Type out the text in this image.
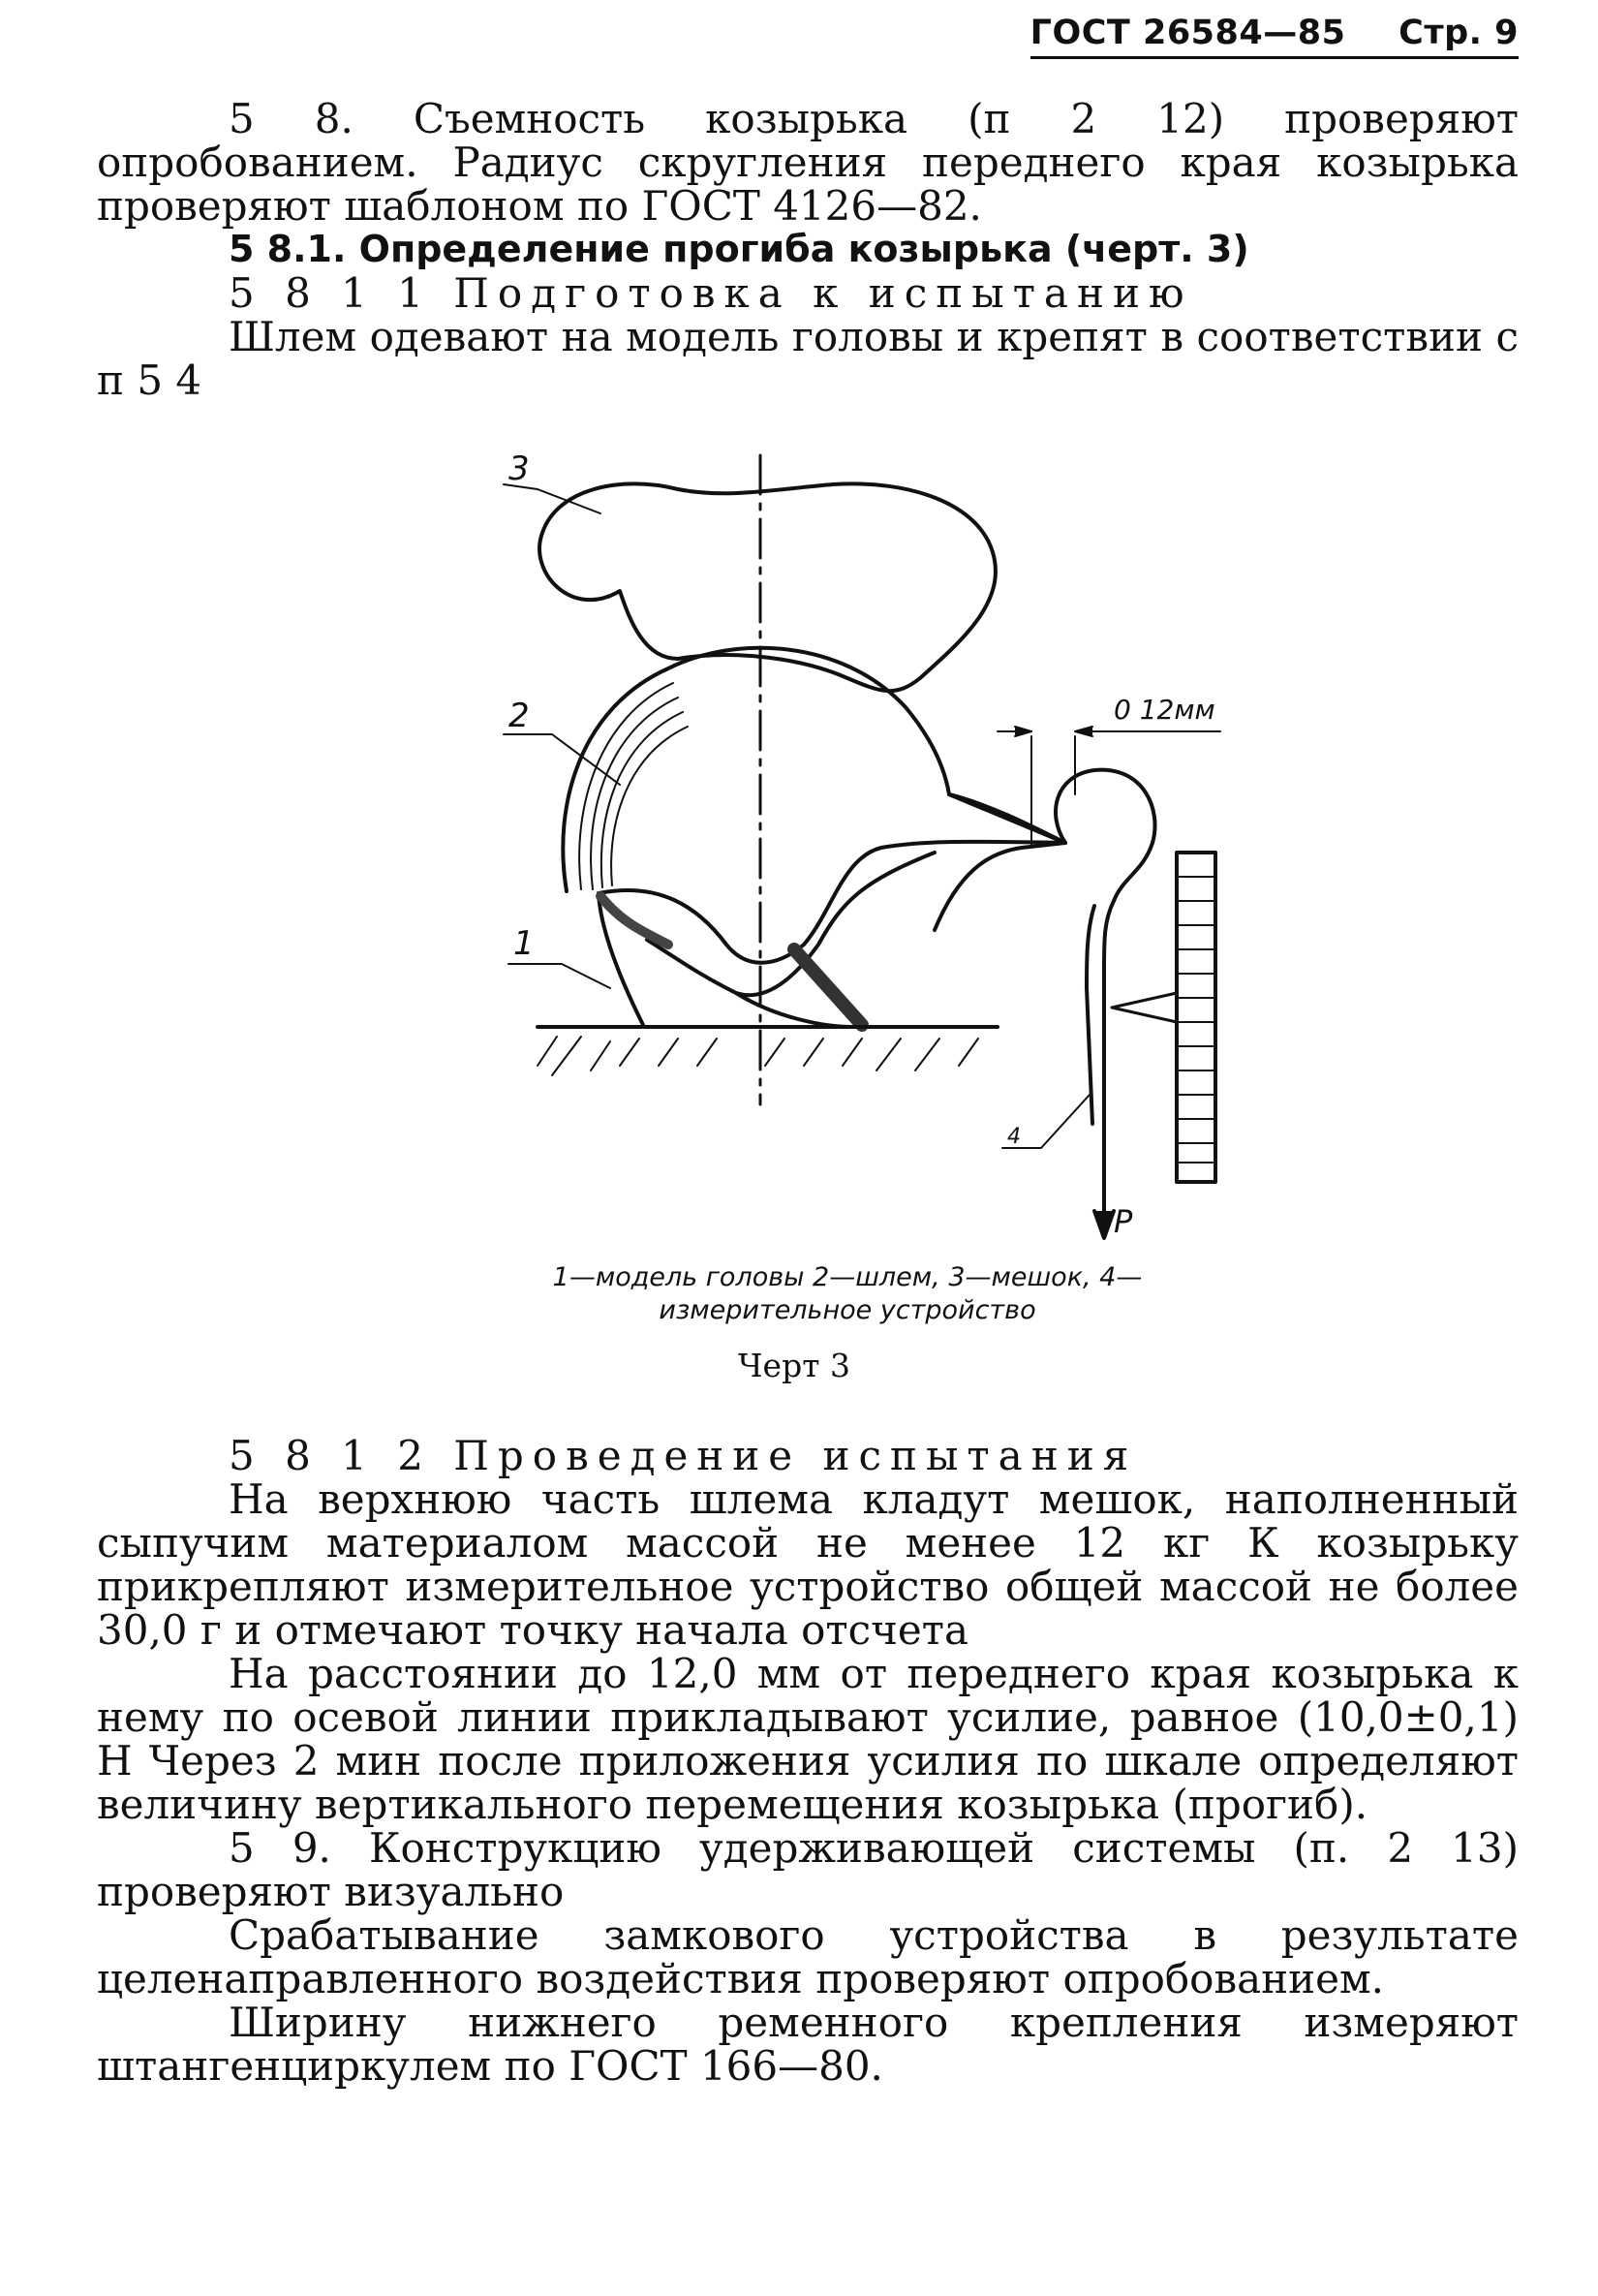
ГОСТ 26584—85 Стр. 9

5 8. Съемность козырька (п 2 12) проверяют опробованием. Радиус скругления переднего края козырька проверяют шаблоном по ГОСТ 4126—82.

5 8.1. Определение прогиба козырька (черт. 3)

5 8 1 1 Подготовка к испытанию

Шлем одевают на модель головы и крепят в соответствии с п 5 4

3
2
1
4
0 12мм
P
1—модель головы 2—шлем, 3—мешок, 4—измерительное устройство
Черт 3

5 8 1 2 Проведение испытания

На верхнюю часть шлема кладут мешок, наполненный сыпучим материалом массой не менее 12 кг К козырьку прикрепляют измерительное устройство общей массой не более 30,0 г и отмечают точку начала отсчета

На расстоянии до 12,0 мм от переднего края козырька к нему по осевой линии прикладывают усилие, равное (10,0±0,1) Н Через 2 мин после приложения усилия по шкале определяют величину вертикального перемещения козырька (прогиб).

5 9. Конструкцию удерживающей системы (п. 2 13) проверяют визуально

Срабатывание замкового устройства в результате целенаправленного воздействия проверяют опробованием.

Ширину нижнего ременного крепления измеряют штангенциркулем по ГОСТ 166—80.
